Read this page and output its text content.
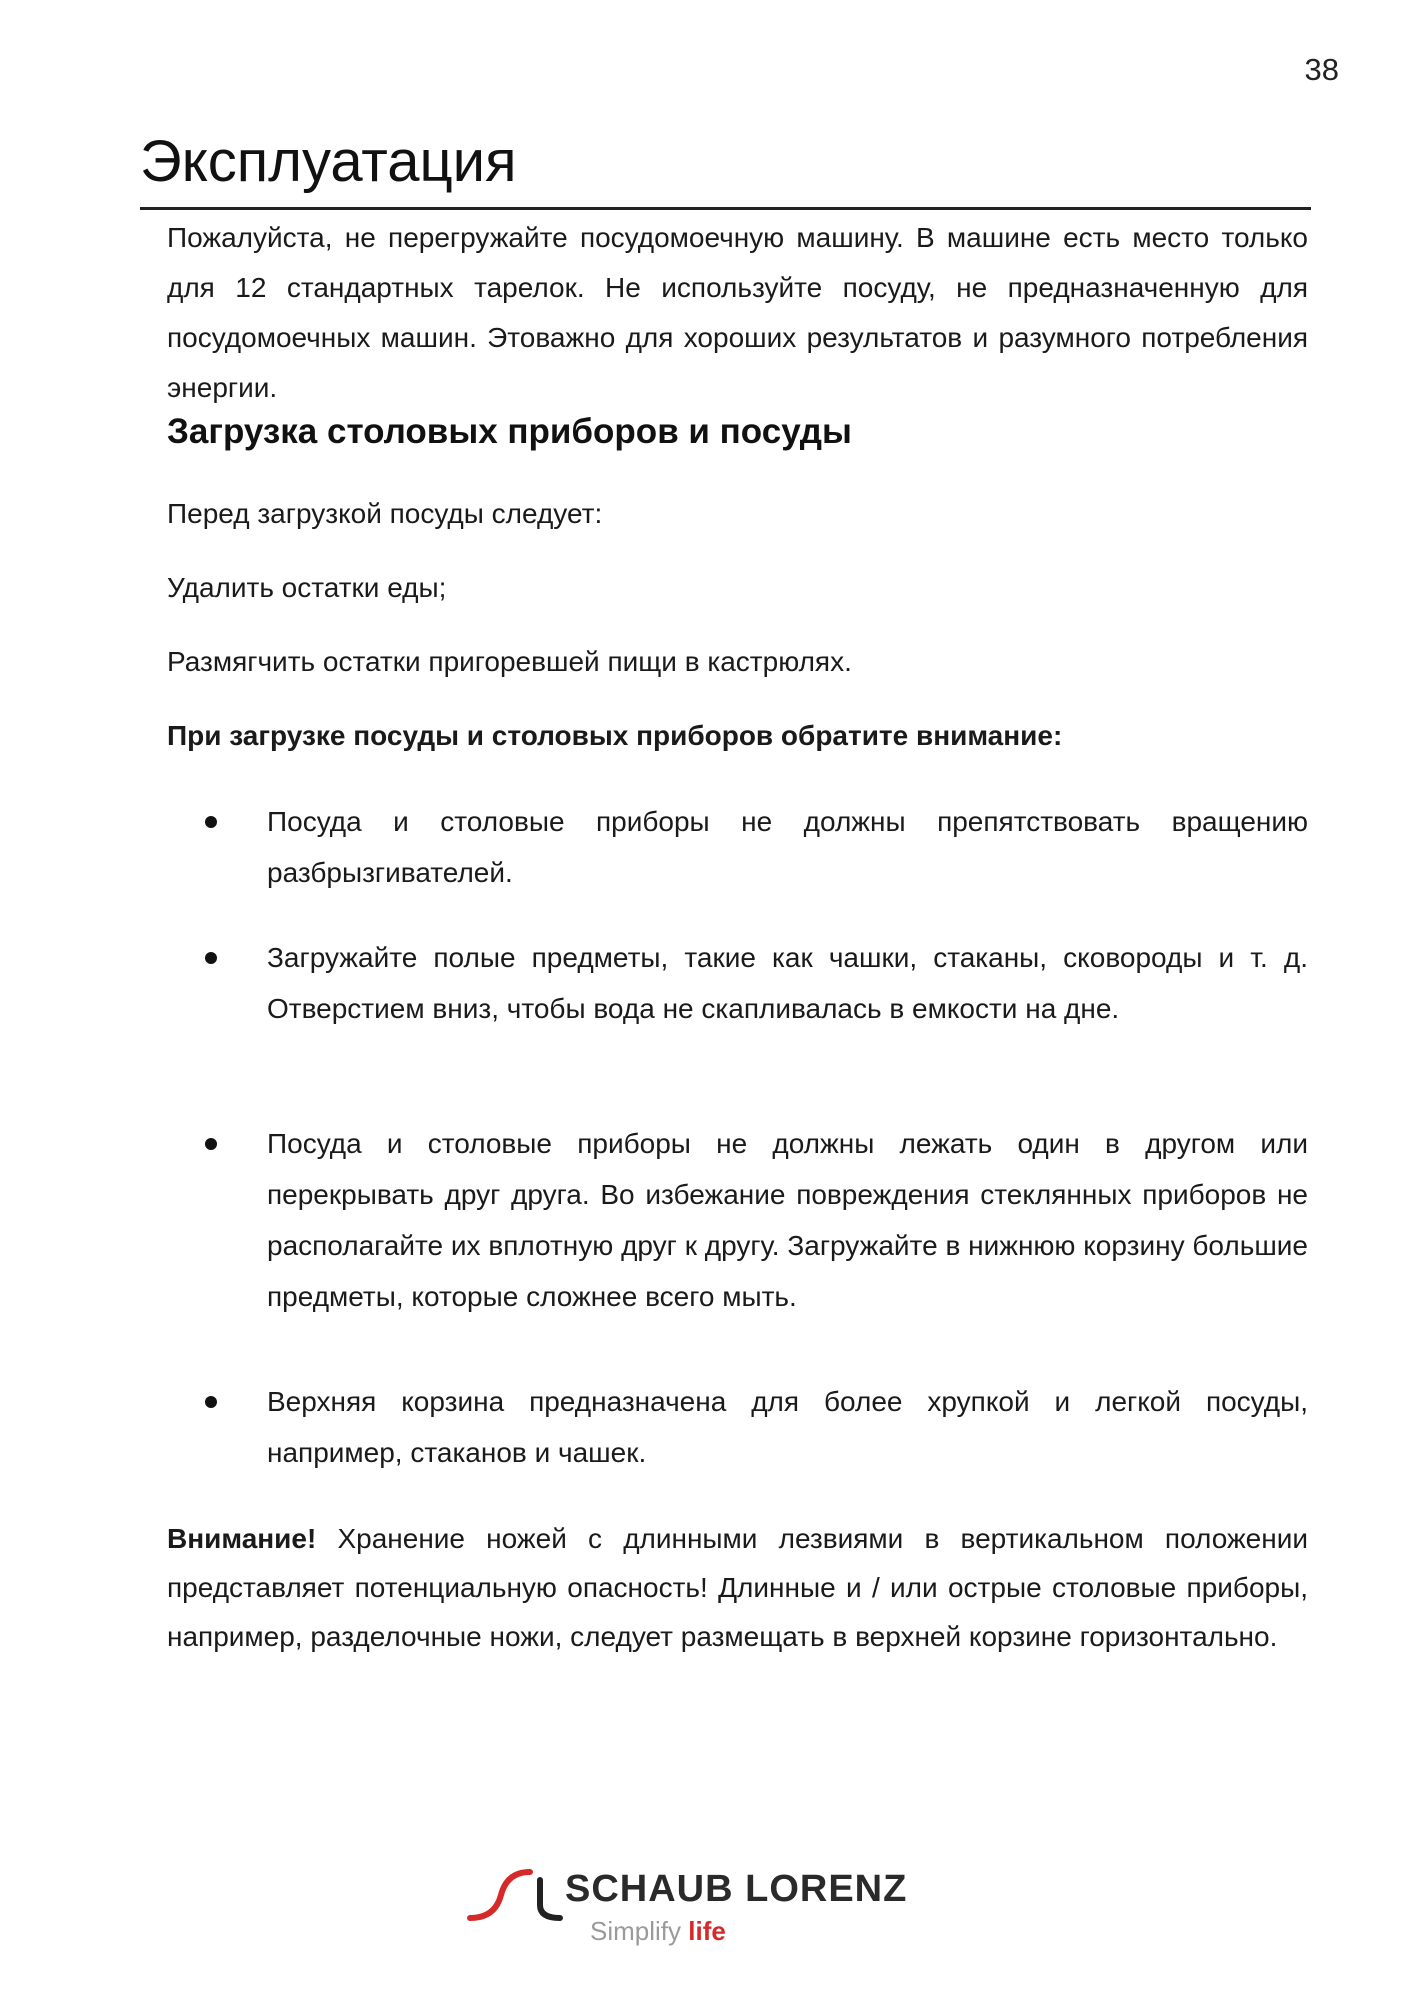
38
Эксплуатация

Пожалуйста, не перегружайте посудомоечную машину. В машине есть место только для 12 стандартных тарелок. Не используйте посуду, не предназначенную для посудомоечных машин. Этоважно для хороших результатов и разумного потребления энергии.

Загрузка столовых приборов и посуды

Перед загрузкой посуды следует:

Удалить остатки еды;

Размягчить остатки пригоревшей пищи в кастрюлях.

При загрузке посуды и столовых приборов обратите внимание:

Посуда и столовые приборы не должны препятствовать вращению разбрызгивателей.
Загружайте полые предметы, такие как чашки, стаканы, сковороды и т. д. Отверстием вниз, чтобы вода не скапливалась в емкости на дне.
Посуда и столовые приборы не должны лежать один в другом или перекрывать друг друга. Во избежание повреждения стеклянных приборов не располагайте их вплотную друг к другу. Загружайте в нижнюю корзину большие предметы, которые сложнее всего мыть.
Верхняя корзина предназначена для более хрупкой и легкой посуды, например, стаканов и чашек.

Внимание! Хранение ножей с длинными лезвиями в вертикальном положении представляет потенциальную опасность! Длинные и / или острые столовые приборы, например, разделочные ножи, следует размещать в верхней корзине горизонтально.

SCHAUB LORENZ
Simplify life
